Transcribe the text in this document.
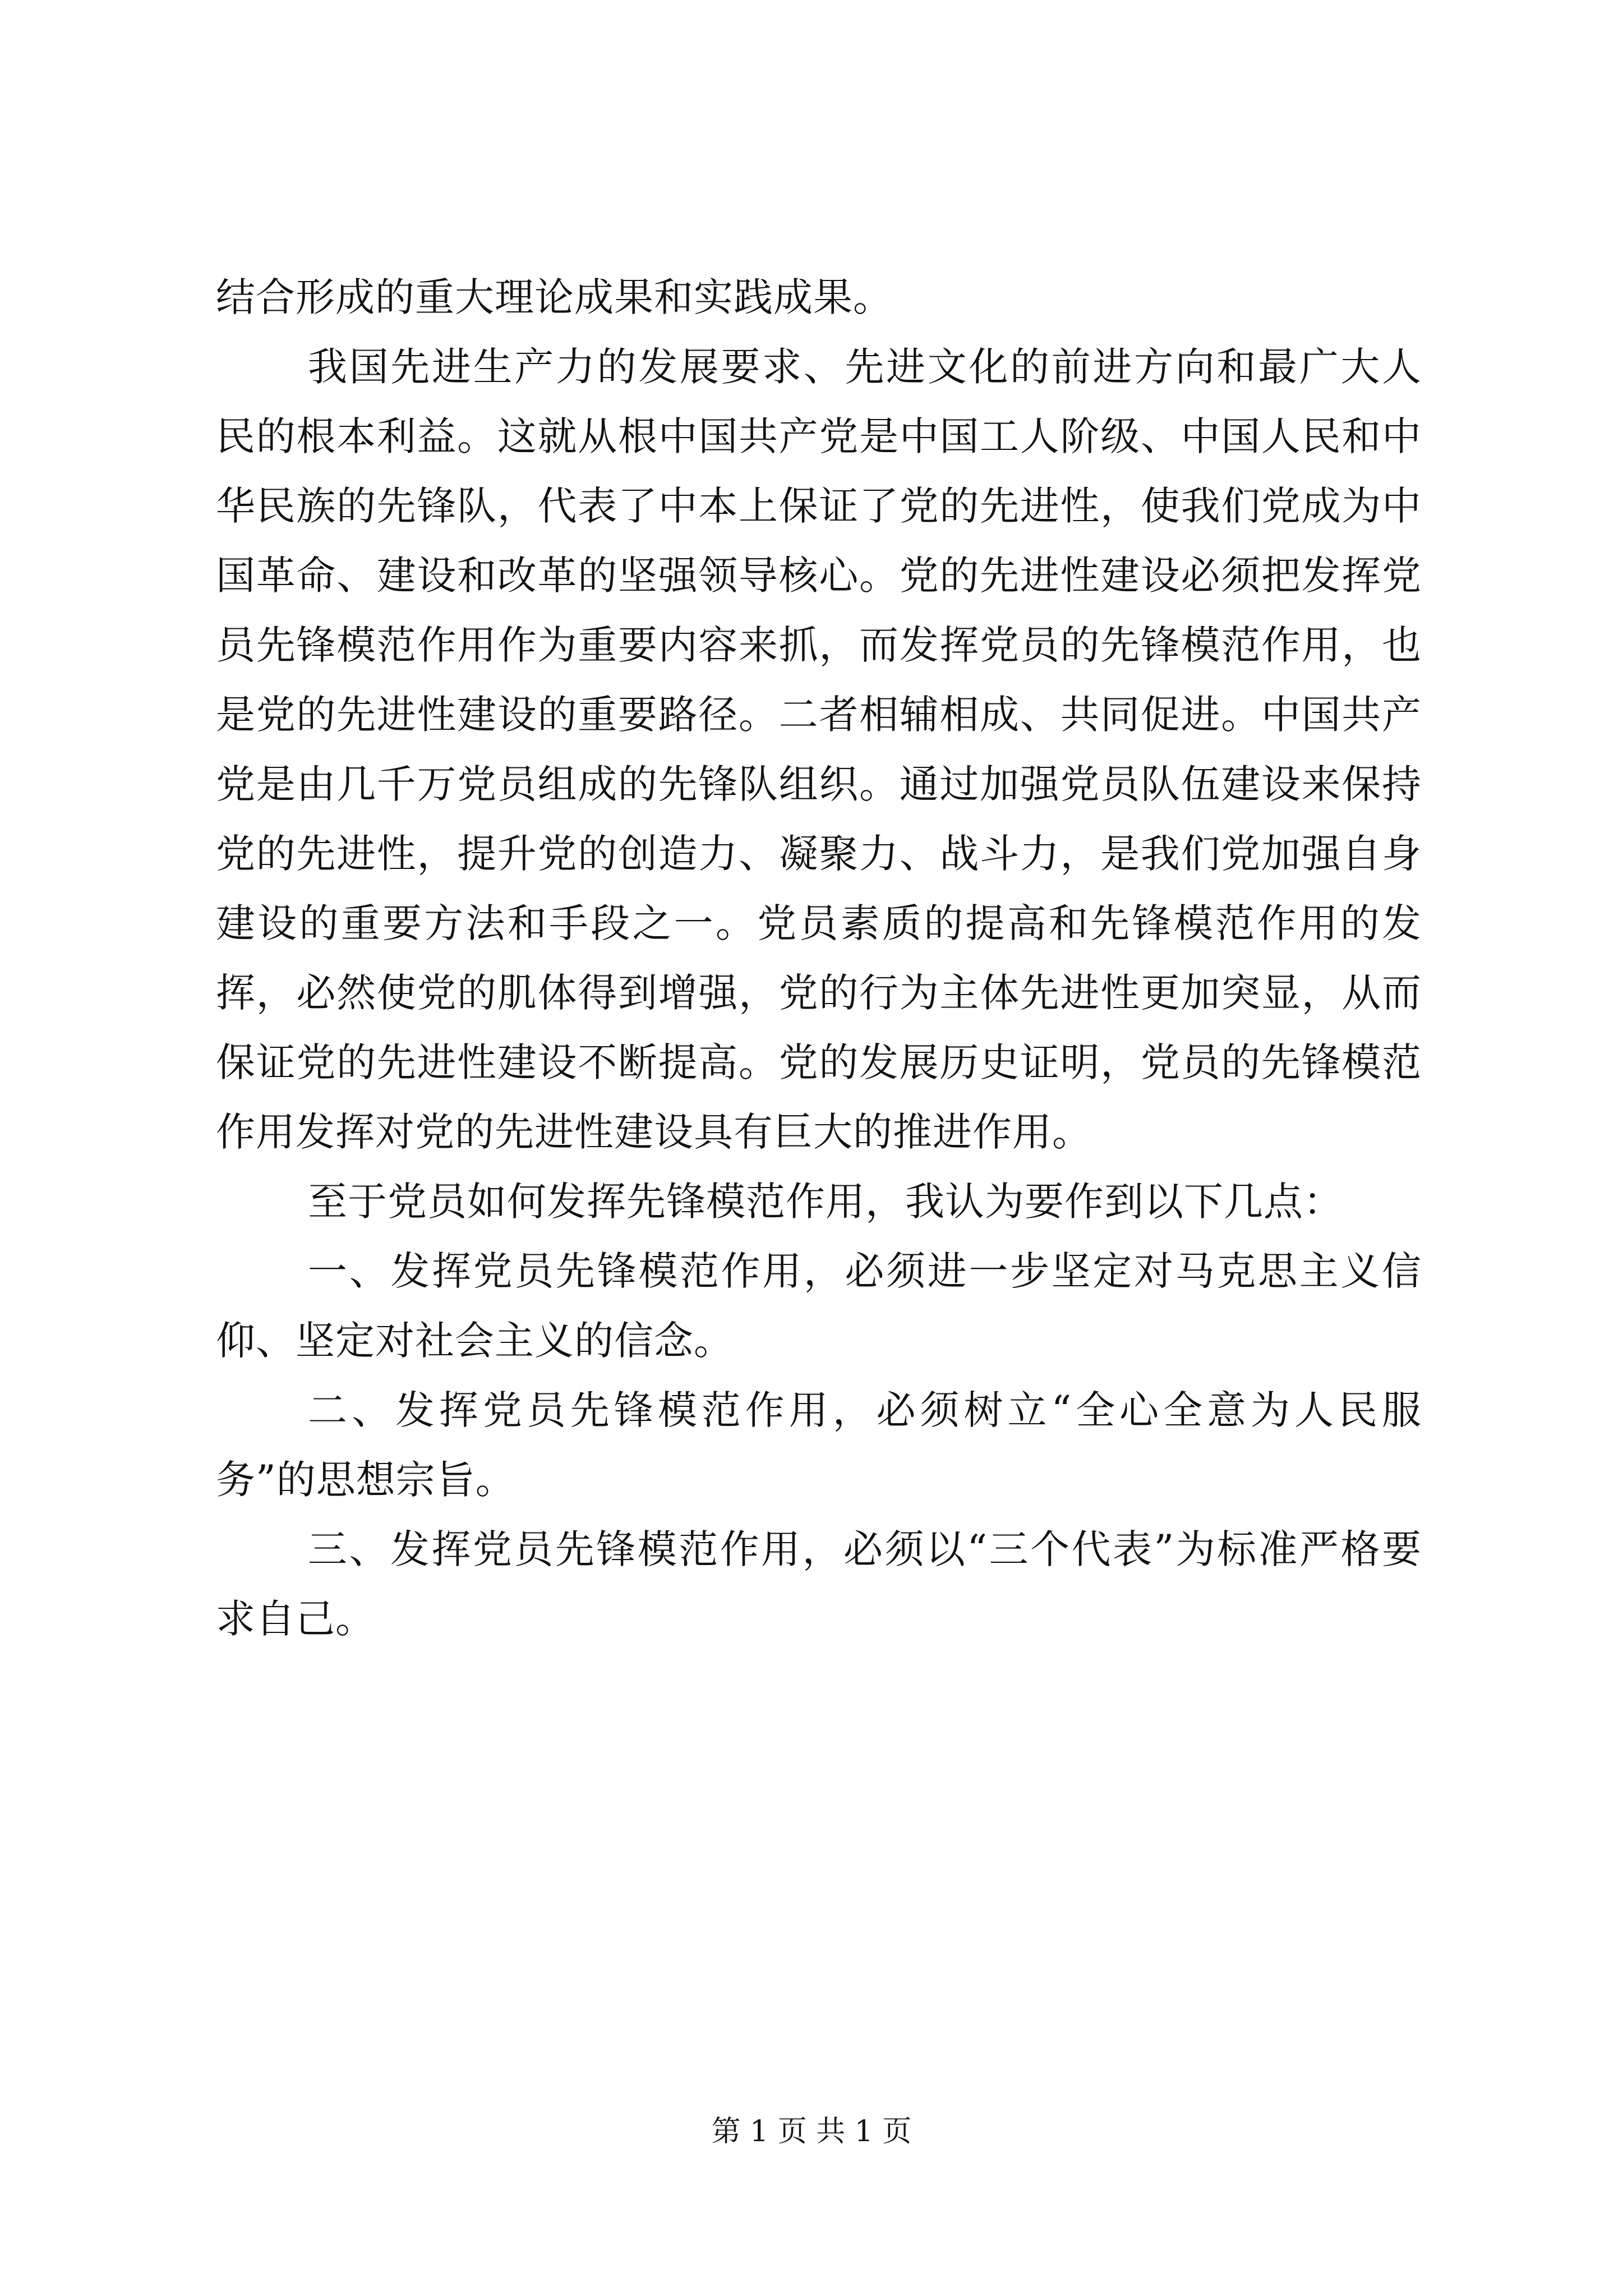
结合形成的重大理论成果和实践成果。

我国先进生产力的发展要求、先进文化的前进方向和最广大人民的根本利益。这就从根中国共产党是中国工人阶级、中国人民和中华民族的先锋队，代表了中本上保证了党的先进性，使我们党成为中国革命、建设和改革的坚强领导核心。党的先进性建设必须把发挥党员先锋模范作用作为重要内容来抓，而发挥党员的先锋模范作用，也是党的先进性建设的重要路径。二者相辅相成、共同促进。中国共产党是由几千万党员组成的先锋队组织。通过加强党员队伍建设来保持党的先进性，提升党的创造力、凝聚力、战斗力，是我们党加强自身建设的重要方法和手段之一。党员素质的提高和先锋模范作用的发挥，必然使党的肌体得到增强，党的行为主体先进性更加突显，从而保证党的先进性建设不断提高。党的发展历史证明，党员的先锋模范作用发挥对党的先进性建设具有巨大的推进作用。

至于党员如何发挥先锋模范作用，我认为要作到以下几点：

一、发挥党员先锋模范作用，必须进一步坚定对马克思主义信仰、坚定对社会主义的信念。

二、发挥党员先锋模范作用，必须树立“全心全意为人民服务”的思想宗旨。

三、发挥党员先锋模范作用，必须以“三个代表”为标准严格要求自己。

第 1 页 共 1 页
